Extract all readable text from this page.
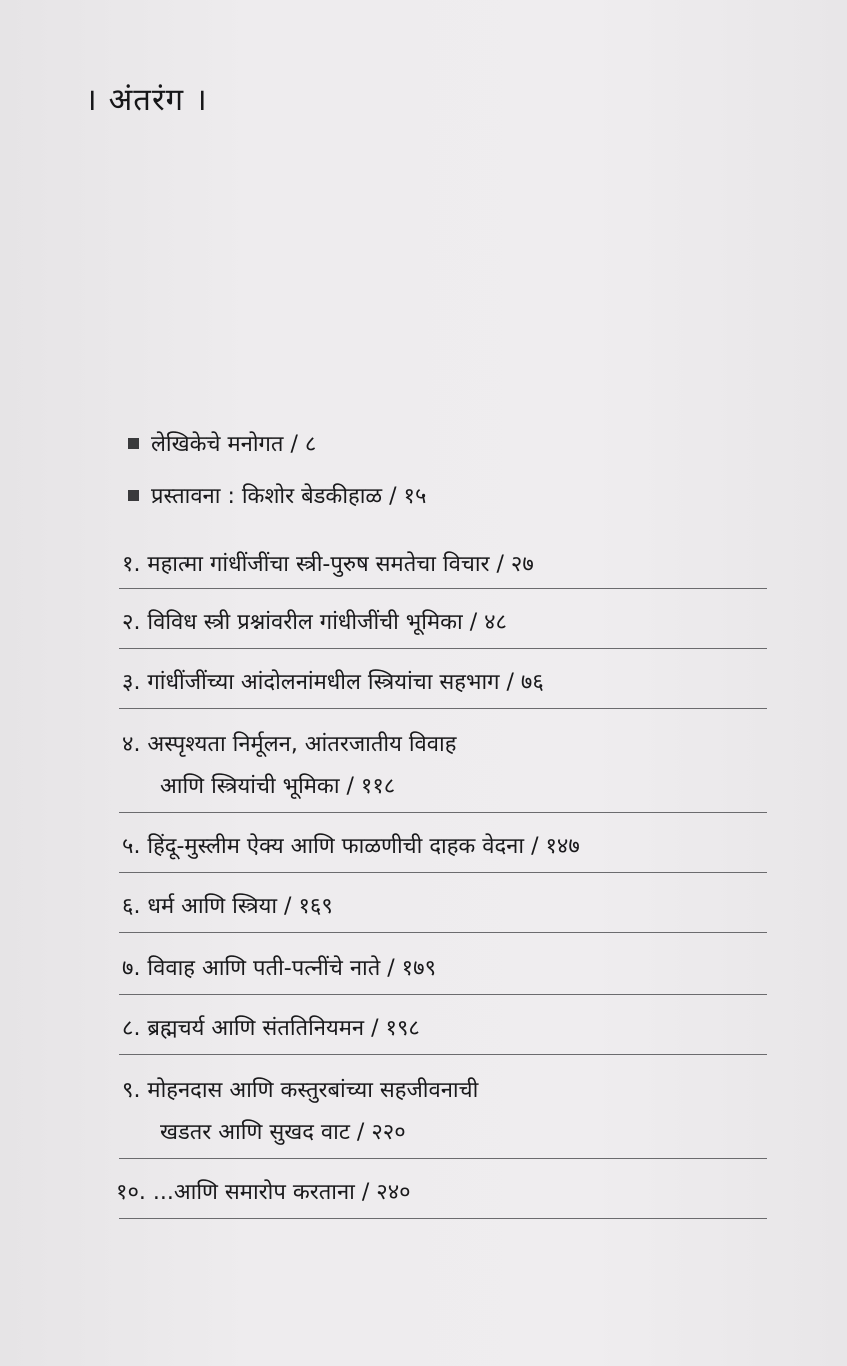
। अंतरंग ।
लेखिकेचे मनोगत / ८
प्रस्तावना : किशोर बेडकीहाळ / १५
१. महात्मा गांधींजींचा स्त्री-पुरुष समतेचा विचार / २७
२. विविध स्त्री प्रश्नांवरील गांधीजींची भूमिका / ४८
३. गांधींजींच्या आंदोलनांमधील स्त्रियांचा सहभाग / ७६
४. अस्पृश्यता निर्मूलन, आंतरजातीय विवाह
आणि स्त्रियांची भूमिका / ११८
५. हिंदू-मुस्लीम ऐक्य आणि फाळणीची दाहक वेदना / १४७
६. धर्म आणि स्त्रिया / १६९
७. विवाह आणि पती-पत्नींचे नाते / १७९
८. ब्रह्मचर्य आणि संततिनियमन / १९८
९. मोहनदास आणि कस्तुरबांच्या सहजीवनाची
खडतर आणि सुखद वाट / २२०
१०. ...आणि समारोप करताना / २४०
